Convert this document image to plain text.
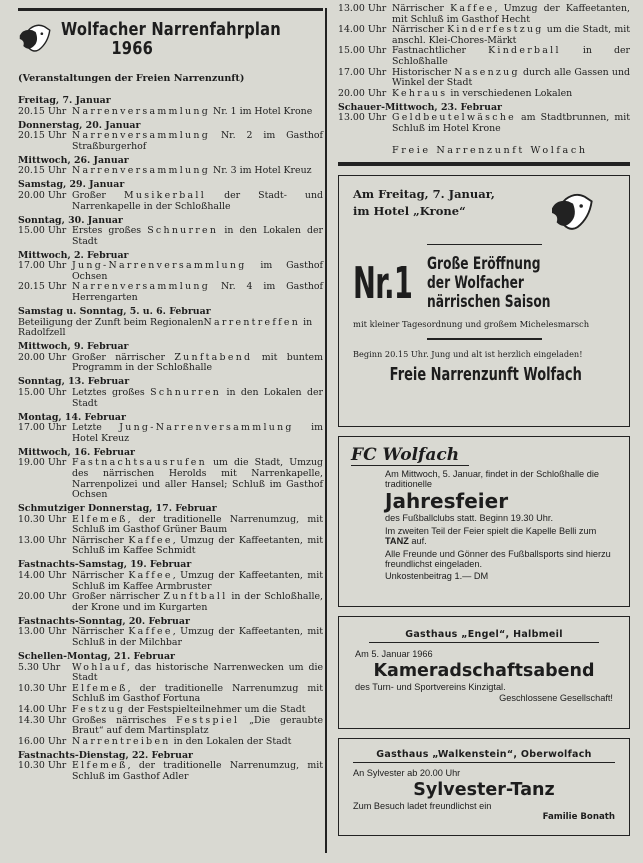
Wolfacher Narrenfahrplan
1966
(Veranstaltungen der Freien Narrenzunft)
Freitag, 7. Januar
20.15 Uhr Narrenversammlung Nr. 1 im Hotel Krone
Donnerstag, 20. Januar
20.15 Uhr Narrenversammlung Nr. 2 im Gasthof Straßburgerhof
Mittwoch, 26. Januar
20.15 Uhr Narrenversammlung Nr. 3 im Hotel Kreuz
Samstag, 29. Januar
20.00 Uhr Großer Musikerball der Stadt- und Narrenkapelle in der Schloßhalle
Sonntag, 30. Januar
15.00 Uhr Erstes großes Schnurren in den Lokalen der Stadt
Mittwoch, 2. Februar
17.00 Uhr Jung-Narrenversammlung im Gasthof Ochsen
20.15 Uhr Narrenversammlung Nr. 4 im Gasthof Herrengarten
Samstag u. Sonntag, 5. u. 6. Februar
Beteiligung der Zunft beim RegionalenNarrentreffen in Radolfzell
Mittwoch, 9. Februar
20.00 Uhr Großer närrischer Zunftabend mit buntem Programm in der Schloßhalle
Sonntag, 13. Februar
15.00 Uhr Letztes großes Schnurren in den Lokalen der Stadt
Montag, 14. Februar
17.00 Uhr Letzte Jung-Narrenversammlung im Hotel Kreuz
Mittwoch, 16. Februar
19.00 Uhr Fastnachtsausrufen um die Stadt, Umzug des närrischen Herolds mit Narrenkapelle, Narrenpolizei und aller Hansel; Schluß im Gasthof Ochsen
Schmutziger Donnerstag, 17. Februar
10.30 Uhr Elfemeß, der traditionelle Narrenumzug, mit Schluß im Gasthof Grüner Baum
13.00 Uhr Närrischer Kaffee, Umzug der Kaffeetanten, mit Schluß im Kaffee Schmidt
Fastnachts-Samstag, 19. Februar
14.00 Uhr Närrischer Kaffee, Umzug der Kaffeetanten, mit Schluß im Kaffee Armbruster
20.00 Uhr Großer närrischer Zunftball in der Schloßhalle, der Krone und im Kurgarten
Fastnachts-Sonntag, 20. Februar
13.00 Uhr Närrischer Kaffee, Umzug der Kaffeetanten, mit Schluß in der Milchbar
Schellen-Montag, 21. Februar
5.30 Uhr	Wohlauf, das historische Narrenwecken um die Stadt
10.30 Uhr Elfemeß, der traditionelle Narrenumzug mit Schluß im Gasthof Fortuna
14.00 Uhr Festzug der Festspielteilnehmer um die Stadt
14.30 Uhr Großes närrisches Festspiel „Die geraubte Braut“ auf dem Martinsplatz
16.00 Uhr Narrentreiben in den Lokalen der Stadt
Fastnachts-Dienstag, 22. Februar
10.30 Uhr Elfemeß, der traditionelle Narrenumzug, mit Schluß im Gasthof Adler
13.00 Uhr Närrischer Kaffee, Umzug der Kaffeetanten, mit Schluß im Gasthof Hecht
14.00 Uhr Närrischer Kinderfestzug um die Stadt, mit anschl. Klei-Chores-Märkt
15.00 Uhr Fastnachtlicher Kinderball in der Schloßhalle
17.00 Uhr Historischer Nasenzug durch alle Gassen und Winkel der Stadt
20.00 Uhr Kehraus in verschiedenen Lokalen
Schauer-Mittwoch, 23. Februar
13.00 Uhr Geldbeutelwäsche am Stadtbrunnen, mit Schluß im Hotel Krone
Freie Narrenzunft Wolfach
Am Freitag, 7. Januar,
im Hotel „Krone“
Nr.1 Große Eröffnung
der Wolfacher
närrischen Saison
mit kleiner Tagesordnung und großem Michelesmarsch
Beginn 20.15 Uhr. Jung und alt ist herzlich eingeladen!
Freie Narrenzunft Wolfach
FC Wolfach
Am Mittwoch, 5. Januar, findet in der Schloßhalle die traditionelle
Jahresfeier
des Fußballclubs statt. Beginn 19.30 Uhr.
Im zweiten Teil der Feier spielt die Kapelle Belli zum TANZ auf.
Alle Freunde und Gönner des Fußballsports sind hierzu freundlichst eingeladen.
Unkostenbeitrag 1.— DM
Gasthaus „Engel“, Halbmeil
Am 5. Januar 1966
Kameradschaftsabend
des Turn- und Sportvereins Kinzigtal.
Geschlossene Gesellschaft!
Gasthaus „Walkenstein“, Oberwolfach
An Sylvester ab 20.00 Uhr
Sylvester-Tanz
Zum Besuch ladet freundlichst ein
Familie Bonath
